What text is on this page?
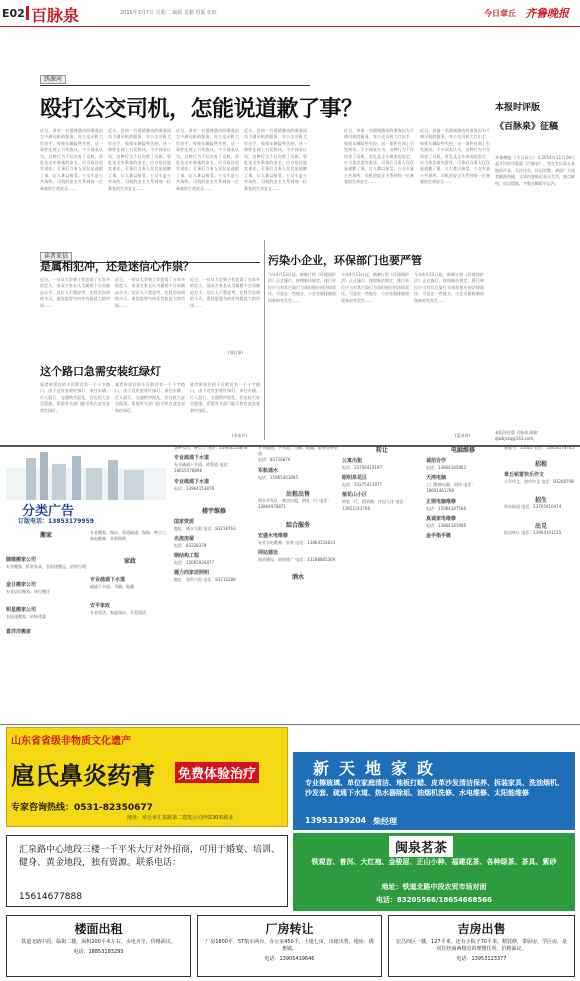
E02 百脉泉	2015年3月7日 星期二 编辑 袁鹏 组版 张虹	今日章丘 齐鲁晚报
绣源河
殴打公交司机，怎能说道歉了事？
近日，济南一名情绪激动的乘客因为不满司机的服务，对公交司机大打出手，致使车辆险些失控。这一事件在网上引发热议。不少网友认为，这种行为不仅伤害了司机，更危及全车乘客的安全，应当依法追究责任。可事后当事人仅仅是道歉了事，让人难以接受。公交车是公共场所，司机的安全关系到每一位乘客的生命安全……
近日，济南一名情绪激动的乘客因为不满司机的服务，对公交司机大打出手，致使车辆险些失控。这一事件在网上引发热议。不少网友认为，这种行为不仅伤害了司机，更危及全车乘客的安全，应当依法追究责任。可事后当事人仅仅是道歉了事，让人难以接受。公交车是公共场所，司机的安全关系到每一位乘客的生命安全……
近日，济南一名情绪激动的乘客因为不满司机的服务，对公交司机大打出手，致使车辆险些失控。这一事件在网上引发热议。不少网友认为，这种行为不仅伤害了司机，更危及全车乘客的安全，应当依法追究责任。可事后当事人仅仅是道歉了事，让人难以接受。公交车是公共场所，司机的安全关系到每一位乘客的生命安全……
近日，济南一名情绪激动的乘客因为不满司机的服务，对公交司机大打出手，致使车辆险些失控。这一事件在网上引发热议。不少网友认为，这种行为不仅伤害了司机，更危及全车乘客的安全，应当依法追究责任。可事后当事人仅仅是道歉了事，让人难以接受。公交车是公共场所，司机的安全关系到每一位乘客的生命安全……
近日，济南一名情绪激动的乘客因为不满司机的服务，对公交司机大打出手，致使车辆险些失控。这一事件在网上引发热议。不少网友认为，这种行为不仅伤害了司机，更危及全车乘客的安全，应当依法追究责任。可事后当事人仅仅是道歉了事，让人难以接受。公交车是公共场所，司机的安全关系到每一位乘客的生命安全……
近日，济南一名情绪激动的乘客因为不满司机的服务，对公交司机大打出手，致使车辆险些失控。这一事件在网上引发热议。不少网友认为，这种行为不仅伤害了司机，更危及全车乘客的安全，应当依法追究责任。可事后当事人仅仅是道歉了事，让人难以接受。公交车是公共场所，司机的安全关系到每一位乘客的生命安全……
本报时评版
《百脉泉》征稿
齐鲁晚报《今日章丘》从2014年11月28日起开设时评版面《百脉泉》，旨在发出章丘本地的声音，关注民生、针砭时弊。欢迎广大读者踊跃投稿，文章内容贴近章丘生活，观点鲜明，语言精练，字数在800字以内。
本报评论版 百脉泉 邮箱：qlwbjrzq@163.com。
读者来信
是属相犯冲，还是迷信心作祟？
近日，一对从大学到工作恋爱了五年多的恋人，因双方家长认为属相不合而被迫分手。这让人不禁思考，在科学昌明的今天，迷信思想为何还有如此大的市场……
近日，一对从大学到工作恋爱了五年多的恋人，因双方家长认为属相不合而被迫分手。这让人不禁思考，在科学昌明的今天，迷信思想为何还有如此大的市场……
近日，一对从大学到工作恋爱了五年多的恋人，因双方家长认为属相不合而被迫分手。这让人不禁思考，在科学昌明的今天，迷信思想为何还有如此大的市场……
(刘日章)
这个路口急需安装红绿灯
笔者所居住的小区附近有一个十字路口，由于没有安装红绿灯，来往车辆、行人混行，交通秩序混乱，存在较大安全隐患。希望有关部门能尽快在此处安装红绿灯。
笔者所居住的小区附近有一个十字路口，由于没有安装红绿灯，来往车辆、行人混行，交通秩序混乱，存在较大安全隐患。希望有关部门能尽快在此处安装红绿灯。
笔者所居住的小区附近有一个十字路口，由于没有安装红绿灯，来往车辆、行人混行，交通秩序混乱，存在较大安全隐患。希望有关部门能尽快在此处安装红绿灯。
(李家声)
污染小企业，环保部门也要严管
今年4月13日起，新修订的《环境保护法》正式施行。按照新法规定，排污单位应当对其污染行为承担相应的法律责任。可是在一些地方，小企业偷排偷放现象时有发生……
今年4月13日起，新修订的《环境保护法》正式施行。按照新法规定，排污单位应当对其污染行为承担相应的法律责任。可是在一些地方，小企业偷排偷放现象时有发生……
今年4月13日起，新修订的《环境保护法》正式施行。按照新法规定，排污单位应当对其污染行为承担相应的法律责任。可是在一些地方，小企业偷排偷放现象时有发生……
(蓝泽涛)
分类广告
订版电话：13853179959
搬家
随缘搬家公司
专业搬家、拆装家具、长短途搬运，价格合理
金日搬家公司
专业居民搬家、单位搬迁
明星搬家公司
长短途搬家，价格优惠
喜洋洋搬家
专业搬家、保洁、管道疏通、保姆、钟点工、家电维修、开锁换锁
家政
专业疏通下水道
疏通下水道、马桶、地漏
安平家政
专业保洁、家庭保洁、开荒保洁
各种零活、钟点工 电话：13964153878
专业疏通下水道
专业疏通下水道、改管道 电话：18615578898
专业疏通下水道
电话：13964153878
楼宇维修
国家资质
地址：绣水大街 电话：83218763
名流房屋
电话：83228379
钢结构工程
电话：15065926877
德力西家居照明
地址：东坝大街 电话：83216288
专业疏通、下水道、马桶、地漏，维修各种管道
电话：83726876
军航通水
电话：15965403895
出租出售
明水开发区一套房出租，两室一厅 电话：13864978871
综合服务
宏盛水电维修
专业水电维修、安装 电话：13864154833
网站建设
网站建设、网络推广 电话：13188885369
酒水
转让
公寓出租
电话：13706419197
眼明泉花区
电话：13375413977
植花山小区
两室一厅，精装修，拎包入住 电话：13853142766
电脑维修
诚招合作
电话：13864185863
天鸿电脑
上门维修电脑、网络 电话：18601461788
正规电脑维修
电话：15064187566
真诚家电维修
电话：13864181966
金手指手链
备案号：10001 电话：13853178765
招租
章丘铭雷快乐作文
小学作文、初中作文 电话：83208708
招生
明水街道 电话：13705416474
出兑
饭店转让 电话：13964101115
山东省省级非物质文化遗产
扈氏鼻炎药膏 免费体验治疗
专家咨询热线：0531-82350677
地址：章丘市汇泉路第二建筑公司西邻30米路北
新天地家政
专业擦玻璃、单位家庭清洁、地板打蜡、皮革沙发清洁保养、拆装家具、洗油烟机、沙发套、疏通下水道、热水器除垢、油烟机洗修、水电维修、太阳能维修
13953139204 柴经理
汇泉路中心地段三楼一千平米大厅对外招商，可用于婚宴、培训、健身、黄金地段，独有资源。联系电话：
15614677888
闽泉茗茶
铁观音、普洱、大红袍、金骏眉、正山小种、福建花茶、各种绿茶、茶具、紫砂
地址：铁道北路中段农贸市场对面
电话：83205566/18654668566
楼面出租
铁道北路中段，临街二楼，面积200平米左右，水电齐全，价格面议。
电话：18853183293
厂房转让
厂房1800平，5T航车两台，办公室450平，土地七亩，出租出售，地址：绣惠镇。
电话：13905419646
吉房出售
宏昌西区一楼，127平米，还有小院子70平米，精装修，带厨房、学区房，是居住经商两相宜的理想住所，价格面议。
电话：13953123377
